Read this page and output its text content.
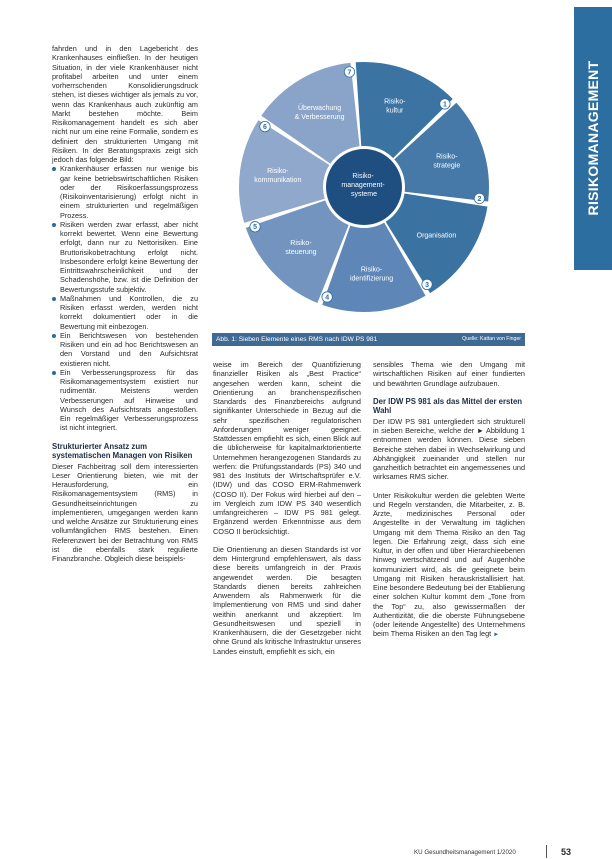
RISIKOMANAGEMENT

fahrden und in den Lagebericht des Krankenhauses einfließen. In der heutigen Situation, in der viele Krankenhäuser nicht profitabel arbeiten und unter einem vorherrschenden Konsolidierungsdruck stehen, ist dieses wichtiger als jemals zu vor, wenn das Krankenhaus auch zukünftig am Markt bestehen möchte. Beim Risikomanagement handelt es sich aber nicht nur um eine reine Formalie, sondern es definiert den strukturierten Umgang mit Risiken. In der Beratungspraxis zeigt sich jedoch das folgende Bild:

Krankenhäuser erfassen nur wenige bis gar keine betriebswirtschaftlichen Risiken oder der Risikoerfassungsprozess (Risikoinventarisierung) erfolgt nicht in einem strukturierten und regelmäßigen Prozess.
Risiken werden zwar erfasst, aber nicht korrekt bewertet. Wenn eine Bewertung erfolgt, dann nur zu Nettorisiken. Eine Bruttorisikobetrachtung erfolgt nicht. Insbesondere erfolgt keine Bewertung der Eintrittswahrscheinlichkeit und der Schadenshöhe, bzw. ist die Definition der Bewertungsstufe subjektiv.
Maßnahmen und Kontrollen, die zu Risiken erfasst werden, werden nicht korrekt dokumentiert oder in die Bewertung mit einbezogen.
Ein Berichtswesen von bestehenden Risiken und ein ad hoc Berichtswesen an den Vorstand und den Aufsichtsrat existieren nicht.
Ein Verbesserungsprozess für das Risikomanagementsystem existiert nur rudimentär. Meistens werden Verbesserungen auf Hinweise und Wunsch des Aufsichtsrats angestoßen. Ein regelmäßiger Verbesserungsprozess ist nicht integriert.
Strukturierter Ansatz zum systematischen Managen von Risiken

Dieser Fachbeitrag soll dem interessierten Leser Orientierung bieten, wie mit der Herausforderung, ein Risikomanagementsystem (RMS) in Gesundheitseinrichtungen zu implementieren, umgegangen werden kann und welche Ansätze zur Strukturierung eines vollumfänglichen RMS bestehen. Einen Referenzwert bei der Betrachtung von RMS ist die ebenfalls stark regulierte Finanzbranche. Obgleich diese beispiels-

Risiko-kultur
1
Risiko-strategie
2
Organisation
3
Risiko-identifizierung
4
Risiko-steuerung
5
Risiko-kommunikation
6
Überwachung & Verbesserung
7
Risiko- management- systeme
Abb. 1: Sieben Elemente eines RMS nach IDW PS 981	Quelle: Kattan von Finger

weise im Bereich der Quantifizierung finanzieller Risiken als „Best Practice“ angesehen werden kann, scheint die Orientierung an branchenspezifischen Standards des Finanzbereichs aufgrund signifikanter Unterschiede in Bezug auf die sehr spezifischen regulatorischen Anforderungen weniger geeignet. Stattdessen empfiehlt es sich, einen Blick auf die üblicherweise für kapitalmarktorientierte Unternehmen herangezogenen Standards zu werfen: die Prüfungsstandards (PS) 340 und 981 des Instituts der Wirtschaftsprüfer e.V. (IDW) und das COSO ERM-Rahmenwerk (COSO II). Der Fokus wird hierbei auf den – im Vergleich zum IDW PS 340 wesentlich umfangreicheren – IDW PS 981 gelegt. Ergänzend werden Erkenntnisse aus dem COSO II berücksichtigt.

Die Orientierung an diesen Standards ist vor dem Hintergrund empfehlenswert, als dass diese bereits umfangreich in der Praxis angewendet werden. Die besagten Standards dienen bereits zahlreichen Anwendern als Rahmenwerk für die Implementierung von RMS und sind daher weithin anerkannt und akzeptiert. Im Gesundheitswesen und speziell in Krankenhäusern, die der Gesetzgeber nicht ohne Grund als kritische Infrastruktur unseres Landes einstuft, empfiehlt es sich, ein

sensibles Thema wie den Umgang mit wirtschaftlichen Risiken auf einer fundierten und bewährten Grundlage aufzubauen.

Der IDW PS 981 als das Mittel der ersten Wahl

Der IDW PS 981 untergliedert sich strukturell in sieben Bereiche, welche der ► Abbildung 1 entnommen werden können. Diese sieben Bereiche stehen dabei in Wechselwirkung und Abhängigkeit zueinander und stellen nur ganzheitlich betrachtet ein angemessenes und wirksames RMS sicher.

Unter Risikokultur werden die gelebten Werte und Regeln verstanden, die Mitarbeiter, z. B. Ärzte, medizinisches Personal oder Angestellte in der Verwaltung im täglichen Umgang mit dem Thema Risiko an den Tag legen. Die Erfahrung zeigt, dass sich eine Kultur, in der offen und über Hierarchieebenen hinweg wertschätzend und auf Augenhöhe kommuniziert wird, als die geeignete beim Umgang mit Risiken herauskristallisiert hat. Eine besondere Bedeutung bei der Etablierung einer solchen Kultur kommt dem „Tone from the Top“ zu, also gewissermaßen der Authentizität, die die oberste Führungsebene (oder leitende Angestellte) des Unternehmens beim Thema Risiken an den Tag legt ►

KU Gesundheitsmanagement 1/2020	53
